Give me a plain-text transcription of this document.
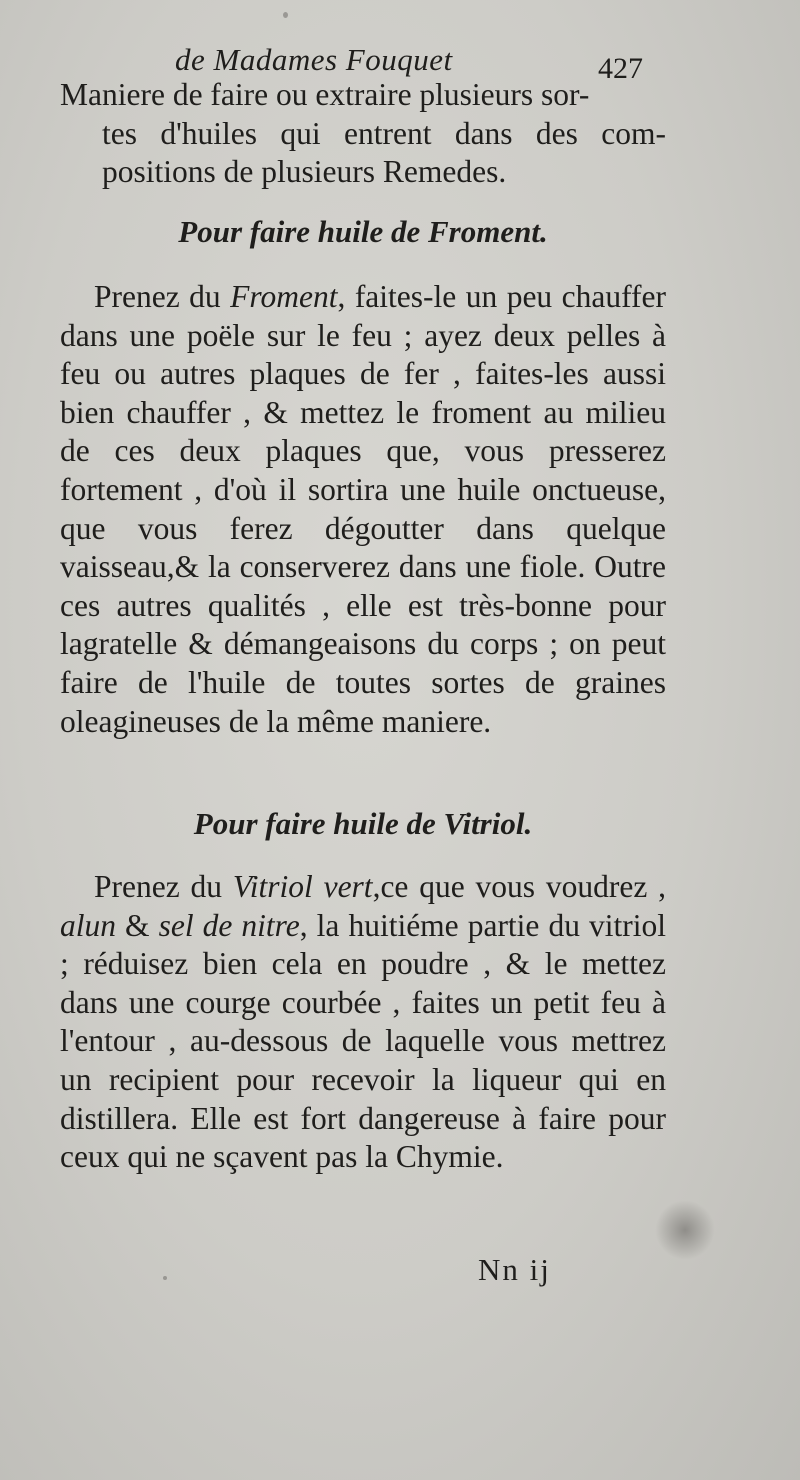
de Madames Fouquet	427
Maniere de faire ou extraire plusieurs sor-
tes d'huiles qui entrent dans des com- positions de plusieurs Remedes.
Pour faire huile de Froment.
Prenez du Froment, faites-le un peu chauffer dans une poële sur le feu ; ayez deux pelles à feu ou autres plaques de fer , faites-les aussi bien chauffer , & mettez le froment au milieu de ces deux plaques que, vous presserez fortement , d'où il sortira une huile onctueuse, que vous ferez dégoutter dans quelque vaisseau,& la conserverez dans une fiole. Outre ces autres qualités , elle est très-bonne pour lagratelle & démangeaisons du corps ; on peut faire de l'huile de toutes sortes de graines oleagineuses de la même maniere.
Pour faire huile de Vitriol.
Prenez du Vitriol vert,ce que vous voudrez , alun & sel de nitre, la huitiéme partie du vitriol ; réduisez bien cela en poudre , & le mettez dans une courge courbée , faites un petit feu à l'entour , au-dessous de laquelle vous mettrez un recipient pour recevoir la liqueur qui en distillera. Elle est fort dangereuse à faire pour ceux qui ne sçavent pas la Chymie.
Nn ij
